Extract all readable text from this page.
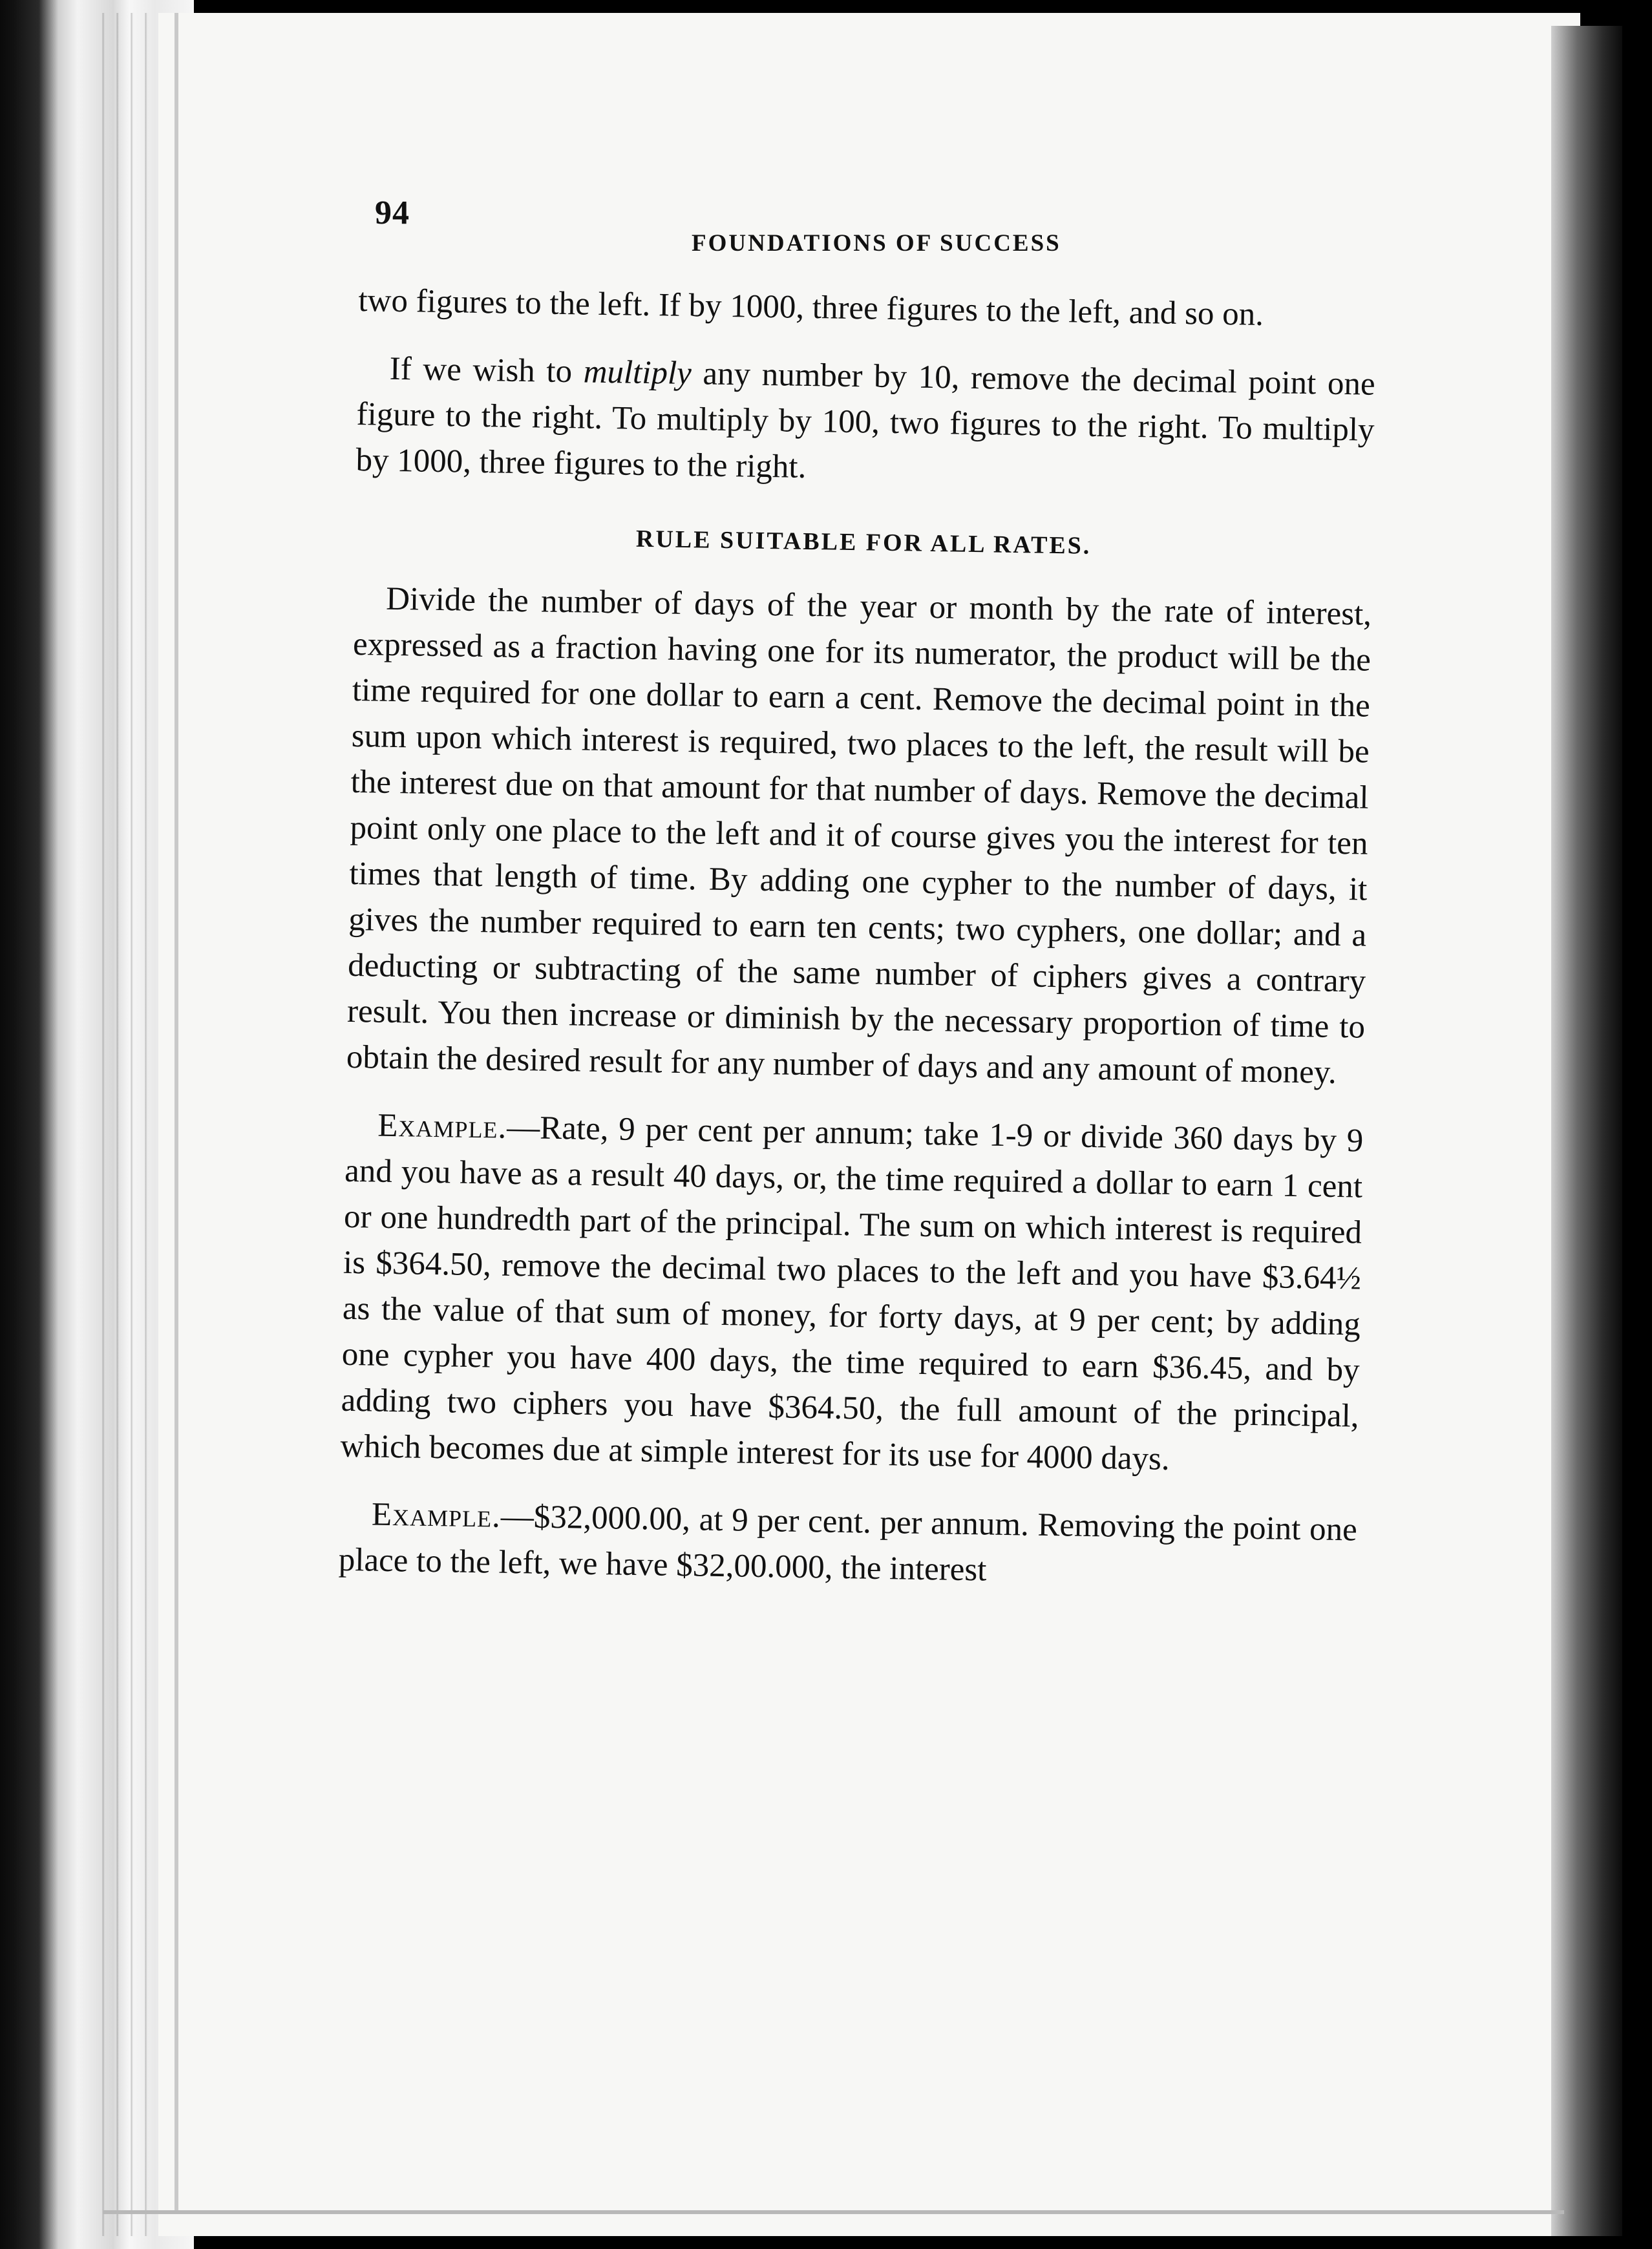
94
FOUNDATIONS OF SUCCESS

two figures to the left. If by 1000, three figures to the left, and so on.

If we wish to multiply any number by 10, remove the decimal point one figure to the right. To multiply by 100, two figures to the right. To multiply by 1000, three figures to the right.

RULE SUITABLE FOR ALL RATES.

Divide the number of days of the year or month by the rate of interest, expressed as a fraction having one for its numerator, the product will be the time required for one dollar to earn a cent. Remove the decimal point in the sum upon which interest is required, two places to the left, the result will be the interest due on that amount for that number of days. Remove the decimal point only one place to the left and it of course gives you the interest for ten times that length of time. By adding one cypher to the number of days, it gives the number required to earn ten cents; two cyphers, one dollar; and a deducting or subtracting of the same number of ciphers gives a contrary result. You then increase or diminish by the necessary proportion of time to obtain the desired result for any number of days and any amount of money.

Example.—Rate, 9 per cent per annum; take 1-9 or divide 360 days by 9 and you have as a result 40 days, or, the time required a dollar to earn 1 cent or one hundredth part of the principal. The sum on which interest is required is $364.50, remove the decimal two places to the left and you have $3.64½ as the value of that sum of money, for forty days, at 9 per cent; by adding one cypher you have 400 days, the time required to earn $36.45, and by adding two ciphers you have $364.50, the full amount of the principal, which becomes due at simple interest for its use for 4000 days.

Example.—$32,000.00, at 9 per cent. per annum. Removing the point one place to the left, we have $32,00.000, the interest
